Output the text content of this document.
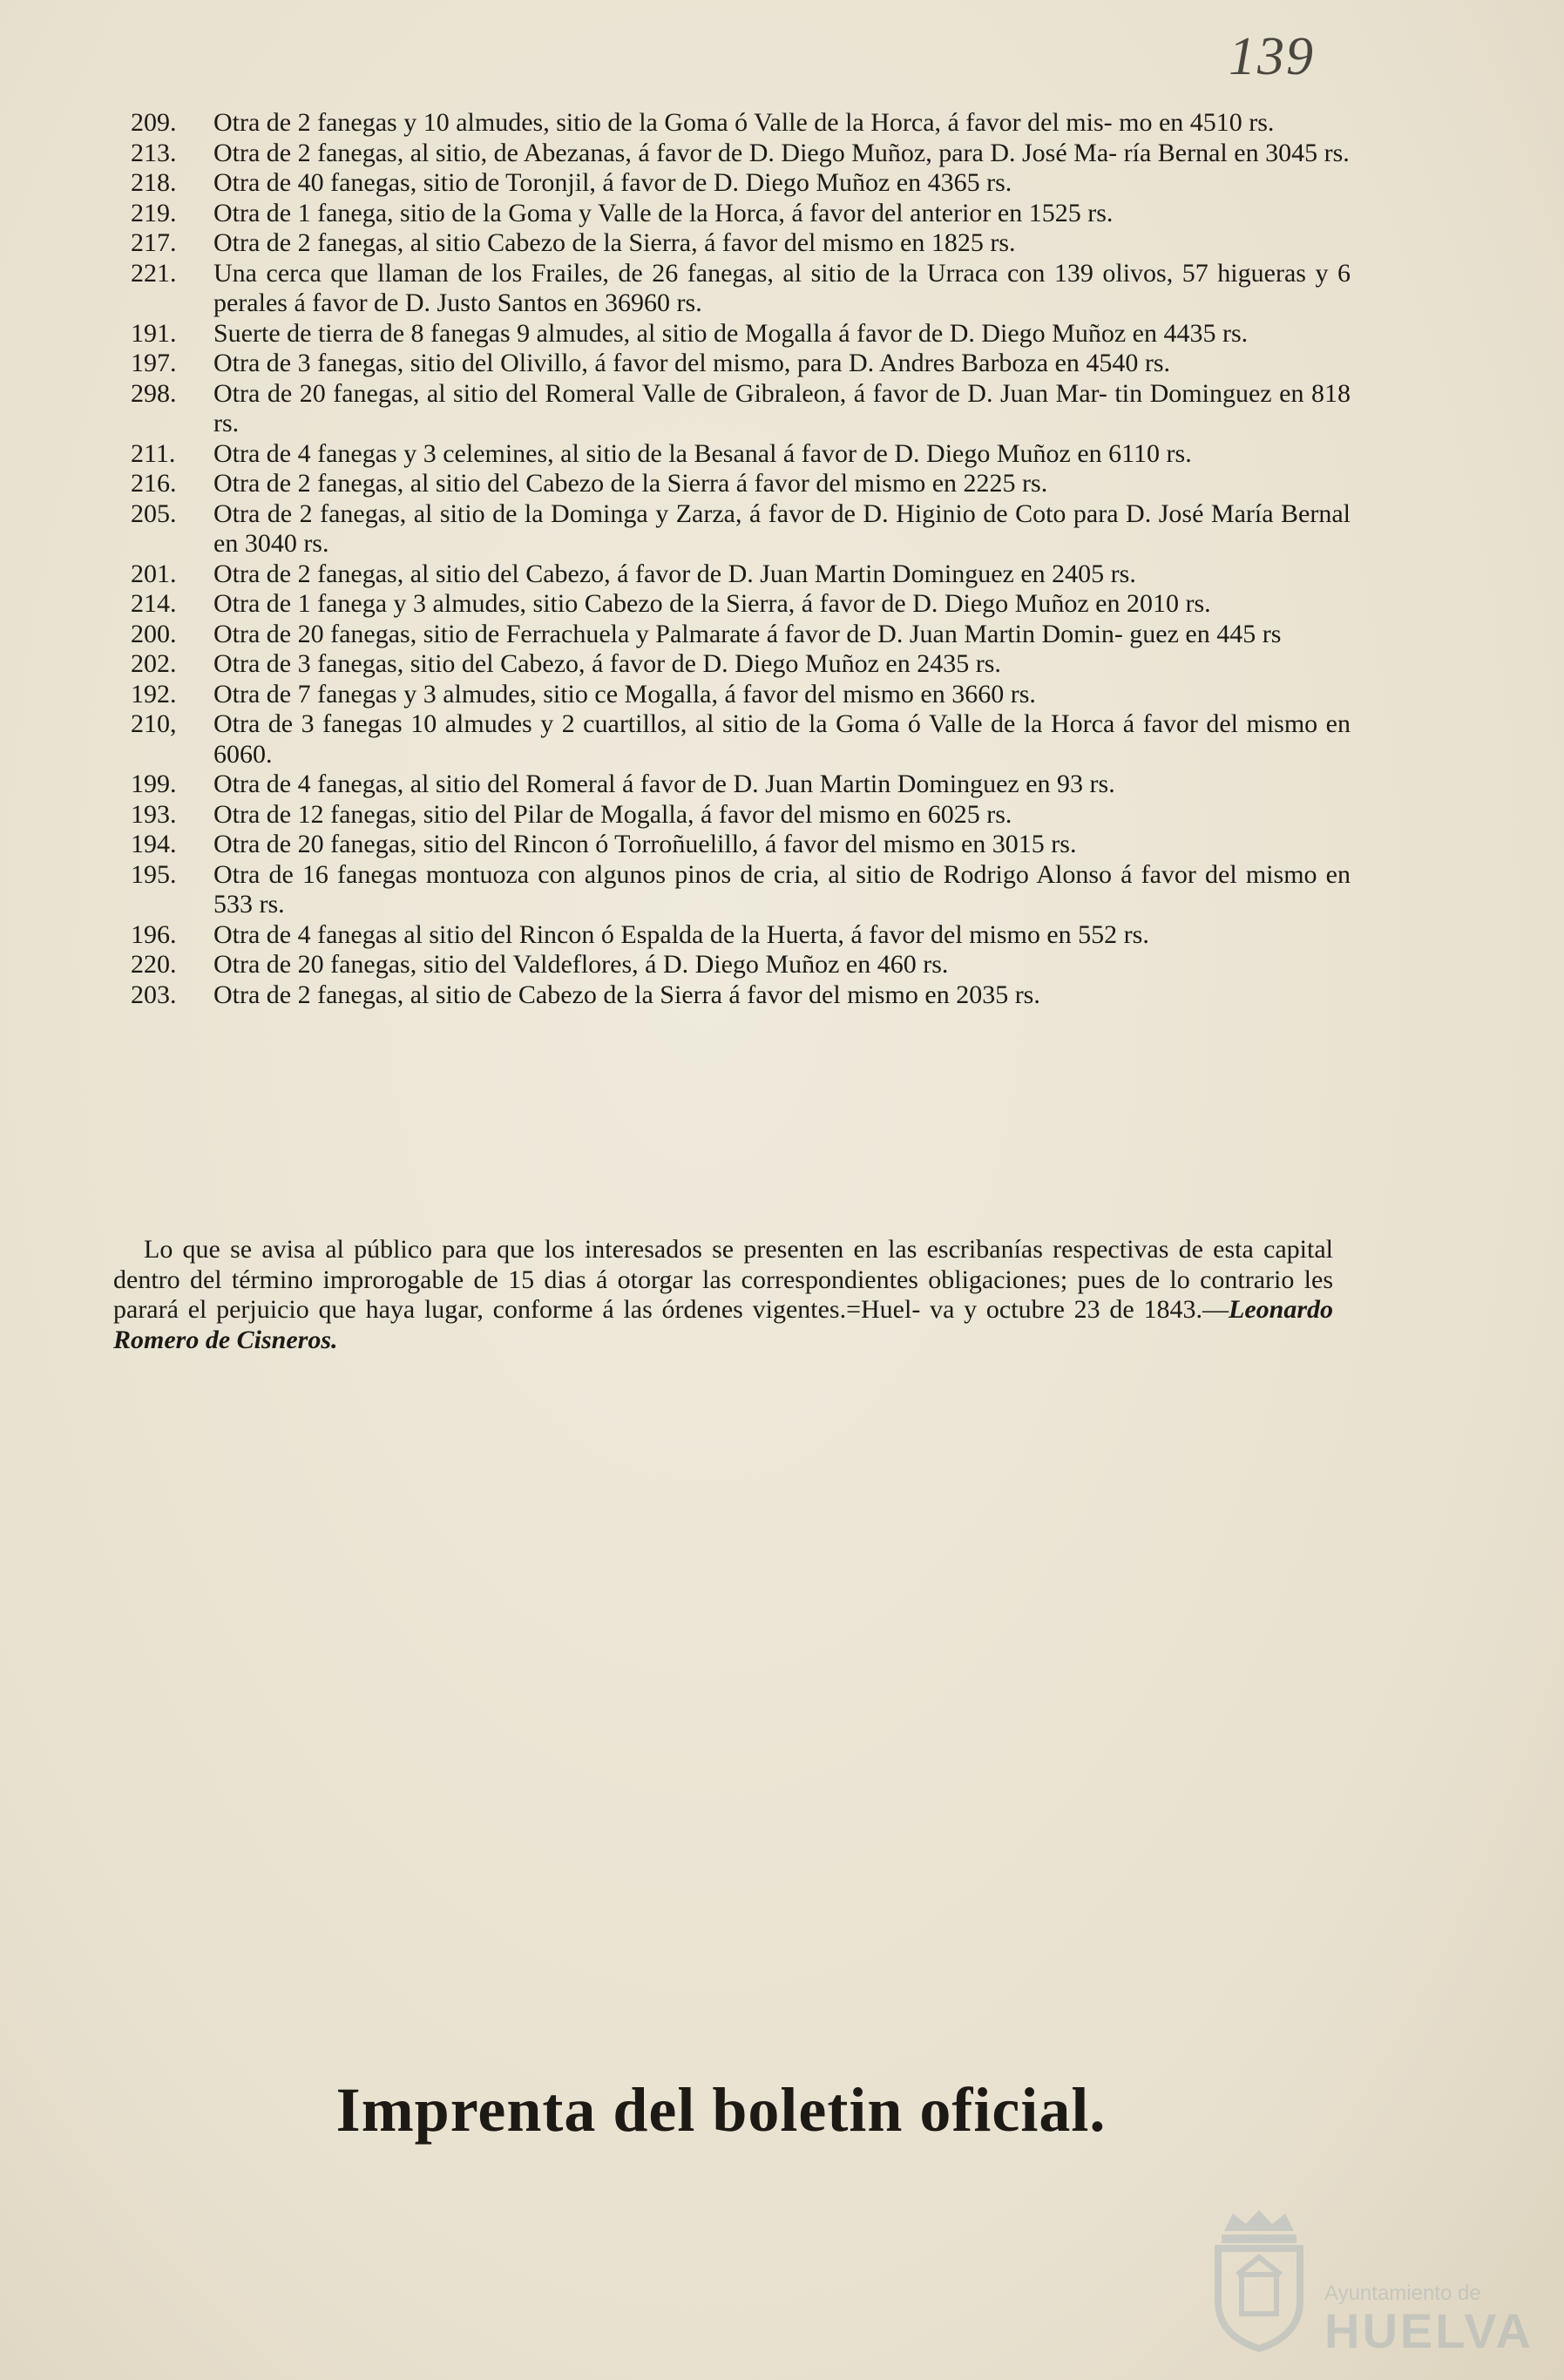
139
209.	Otra de 2 fanegas y 10 almudes, sitio de la Goma ó Valle de la Horca, á favor del mis- mo en 4510 rs.
213.	Otra de 2 fanegas, al sitio, de Abezanas, á favor de D. Diego Muñoz, para D. José Ma- ría Bernal en 3045 rs.
218.	Otra de 40 fanegas, sitio de Toronjil, á favor de D. Diego Muñoz en 4365 rs.
219.	Otra de 1 fanega, sitio de la Goma y Valle de la Horca, á favor del anterior en 1525 rs.
217.	Otra de 2 fanegas, al sitio Cabezo de la Sierra, á favor del mismo en 1825 rs.
221.	Una cerca que llaman de los Frailes, de 26 fanegas, al sitio de la Urraca con 139 olivos, 57 higueras y 6 perales á favor de D. Justo Santos en 36960 rs.
191.	Suerte de tierra de 8 fanegas 9 almudes, al sitio de Mogalla á favor de D. Diego Muñoz en 4435 rs.
197.	Otra de 3 fanegas, sitio del Olivillo, á favor del mismo, para D. Andres Barboza en 4540 rs.
298.	Otra de 20 fanegas, al sitio del Romeral Valle de Gibraleon, á favor de D. Juan Mar- tin Dominguez en 818 rs.
211.	Otra de 4 fanegas y 3 celemines, al sitio de la Besanal á favor de D. Diego Muñoz en 6110 rs.
216.	Otra de 2 fanegas, al sitio del Cabezo de la Sierra á favor del mismo en 2225 rs.
205.	Otra de 2 fanegas, al sitio de la Dominga y Zarza, á favor de D. Higinio de Coto para D. José María Bernal en 3040 rs.
201.	Otra de 2 fanegas, al sitio del Cabezo, á favor de D. Juan Martin Dominguez en 2405 rs.
214.	Otra de 1 fanega y 3 almudes, sitio Cabezo de la Sierra, á favor de D. Diego Muñoz en 2010 rs.
200.	Otra de 20 fanegas, sitio de Ferrachuela y Palmarate á favor de D. Juan Martin Domin- guez en 445 rs
202.	Otra de 3 fanegas, sitio del Cabezo, á favor de D. Diego Muñoz en 2435 rs.
192.	Otra de 7 fanegas y 3 almudes, sitio ce Mogalla, á favor del mismo en 3660 rs.
210,	Otra de 3 fanegas 10 almudes y 2 cuartillos, al sitio de la Goma ó Valle de la Horca á favor del mismo en 6060.
199.	Otra de 4 fanegas, al sitio del Romeral á favor de D. Juan Martin Dominguez en 93 rs.
193.	Otra de 12 fanegas, sitio del Pilar de Mogalla, á favor del mismo en 6025 rs.
194.	Otra de 20 fanegas, sitio del Rincon ó Torroñuelillo, á favor del mismo en 3015 rs.
195.	Otra de 16 fanegas montuoza con algunos pinos de cria, al sitio de Rodrigo Alonso á favor del mismo en 533 rs.
196.	Otra de 4 fanegas al sitio del Rincon ó Espalda de la Huerta, á favor del mismo en 552 rs.
220.	Otra de 20 fanegas, sitio del Valdeflores, á D. Diego Muñoz en 460 rs.
203.	Otra de 2 fanegas, al sitio de Cabezo de la Sierra á favor del mismo en 2035 rs.
Lo que se avisa al público para que los interesados se presenten en las escribanías respectivas de esta capital dentro del término improrogable de 15 dias á otorgar las correspondientes obligaciones; pues de lo contrario les parará el perjuicio que haya lugar, conforme á las órdenes vigentes.=Huel- va y octubre 23 de 1843.—Leonardo Romero de Cisneros.
Imprenta del boletin oficial.
Ayuntamiento de
HUELVA
